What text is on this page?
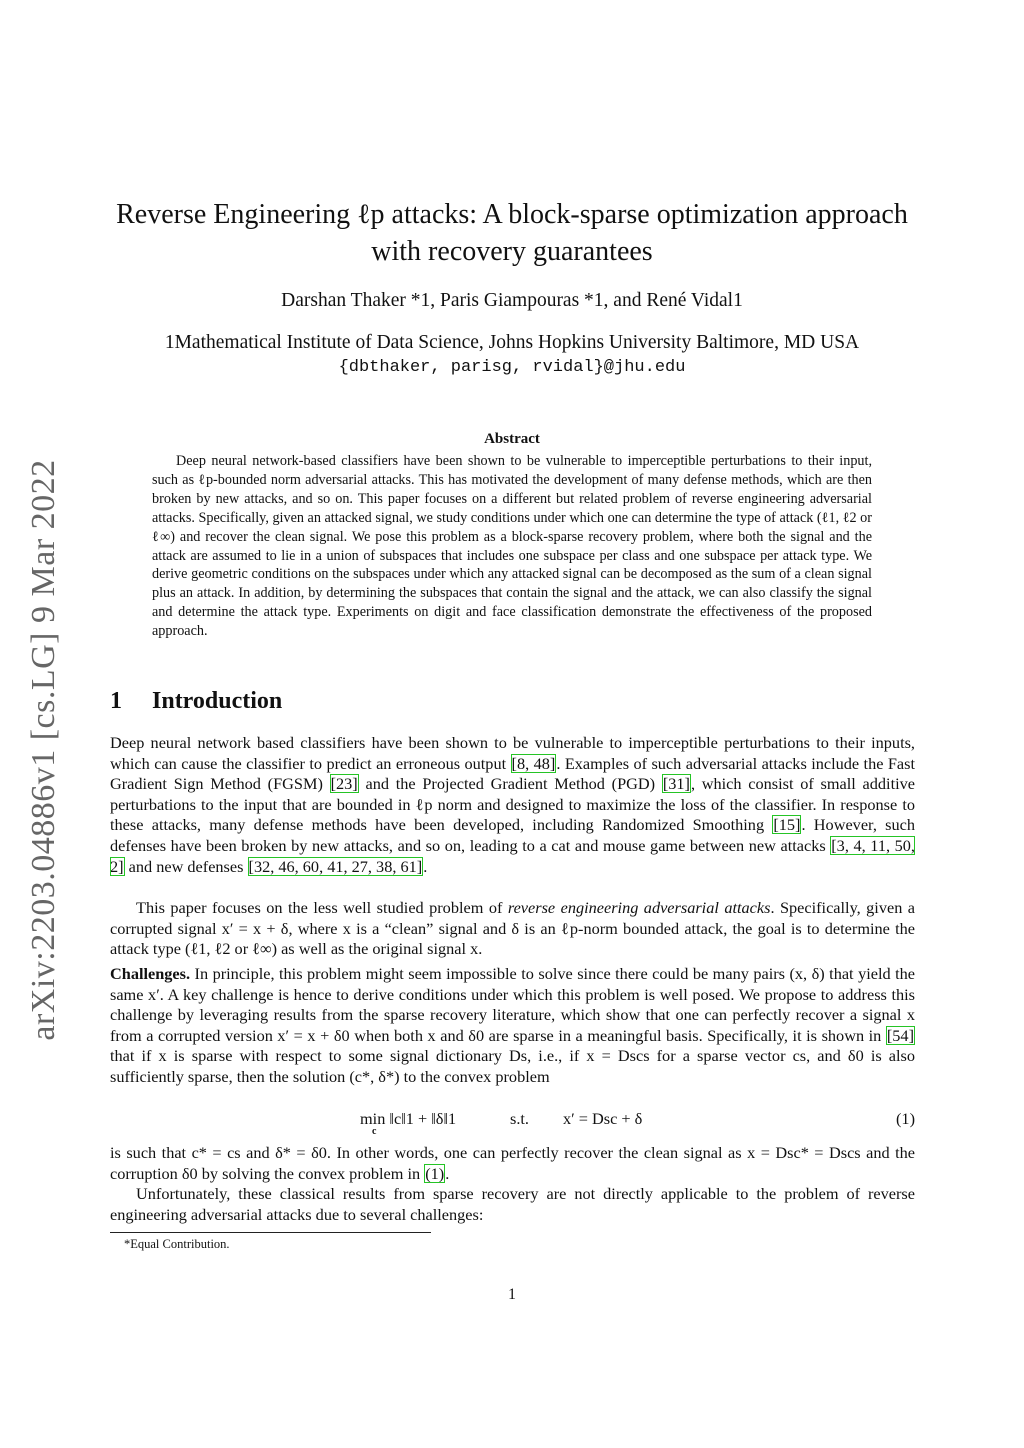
arXiv:2203.04886v1 [cs.LG] 9 Mar 2022
Reverse Engineering ℓp attacks: A block-sparse optimization approach with recovery guarantees
Darshan Thaker *1, Paris Giampouras *1, and René Vidal1
1Mathematical Institute of Data Science, Johns Hopkins University Baltimore, MD USA
{dbthaker, parisg, rvidal}@jhu.edu
Abstract
Deep neural network-based classifiers have been shown to be vulnerable to imperceptible perturbations to their input, such as ℓp-bounded norm adversarial attacks. This has motivated the development of many defense methods, which are then broken by new attacks, and so on. This paper focuses on a different but related problem of reverse engineering adversarial attacks. Specifically, given an attacked signal, we study conditions under which one can determine the type of attack (ℓ1, ℓ2 or ℓ∞) and recover the clean signal. We pose this problem as a block-sparse recovery problem, where both the signal and the attack are assumed to lie in a union of subspaces that includes one subspace per class and one subspace per attack type. We derive geometric conditions on the subspaces under which any attacked signal can be decomposed as the sum of a clean signal plus an attack. In addition, by determining the subspaces that contain the signal and the attack, we can also classify the signal and determine the attack type. Experiments on digit and face classification demonstrate the effectiveness of the proposed approach.
1 Introduction

Deep neural network based classifiers have been shown to be vulnerable to imperceptible perturbations to their inputs, which can cause the classifier to predict an erroneous output [8, 48]. Examples of such adversarial attacks include the Fast Gradient Sign Method (FGSM) [23] and the Projected Gradient Method (PGD) [31], which consist of small additive perturbations to the input that are bounded in ℓp norm and designed to maximize the loss of the classifier. In response to these attacks, many defense methods have been developed, including Randomized Smoothing [15]. However, such defenses have been broken by new attacks, and so on, leading to a cat and mouse game between new attacks [3, 4, 11, 50, 2] and new defenses [32, 46, 60, 41, 27, 38, 61].

This paper focuses on the less well studied problem of reverse engineering adversarial attacks. Specifically, given a corrupted signal x′ = x + δ, where x is a “clean” signal and δ is an ℓp-norm bounded attack, the goal is to determine the attack type (ℓ1, ℓ2 or ℓ∞) as well as the original signal x.

Challenges. In principle, this problem might seem impossible to solve since there could be many pairs (x, δ) that yield the same x′. A key challenge is hence to derive conditions under which this problem is well posed. We propose to address this challenge by leveraging results from the sparse recovery literature, which show that one can perfectly recover a signal x from a corrupted version x′ = x + δ0 when both x and δ0 are sparse in a meaningful basis. Specifically, it is shown in [54] that if x is sparse with respect to some signal dictionary Ds, i.e., if x = Dscs for a sparse vector cs, and δ0 is also sufficiently sparse, then the solution (c*, δ*) to the convex problem

min ‖c‖1 + ‖δ‖1
c
s.t. x′ = Dsc + δ	(1)

is such that c* = cs and δ* = δ0. In other words, one can perfectly recover the clean signal as x = Dsc* = Dscs and the corruption δ0 by solving the convex problem in (1).

Unfortunately, these classical results from sparse recovery are not directly applicable to the problem of reverse engineering adversarial attacks due to several challenges:

*Equal Contribution.
1
